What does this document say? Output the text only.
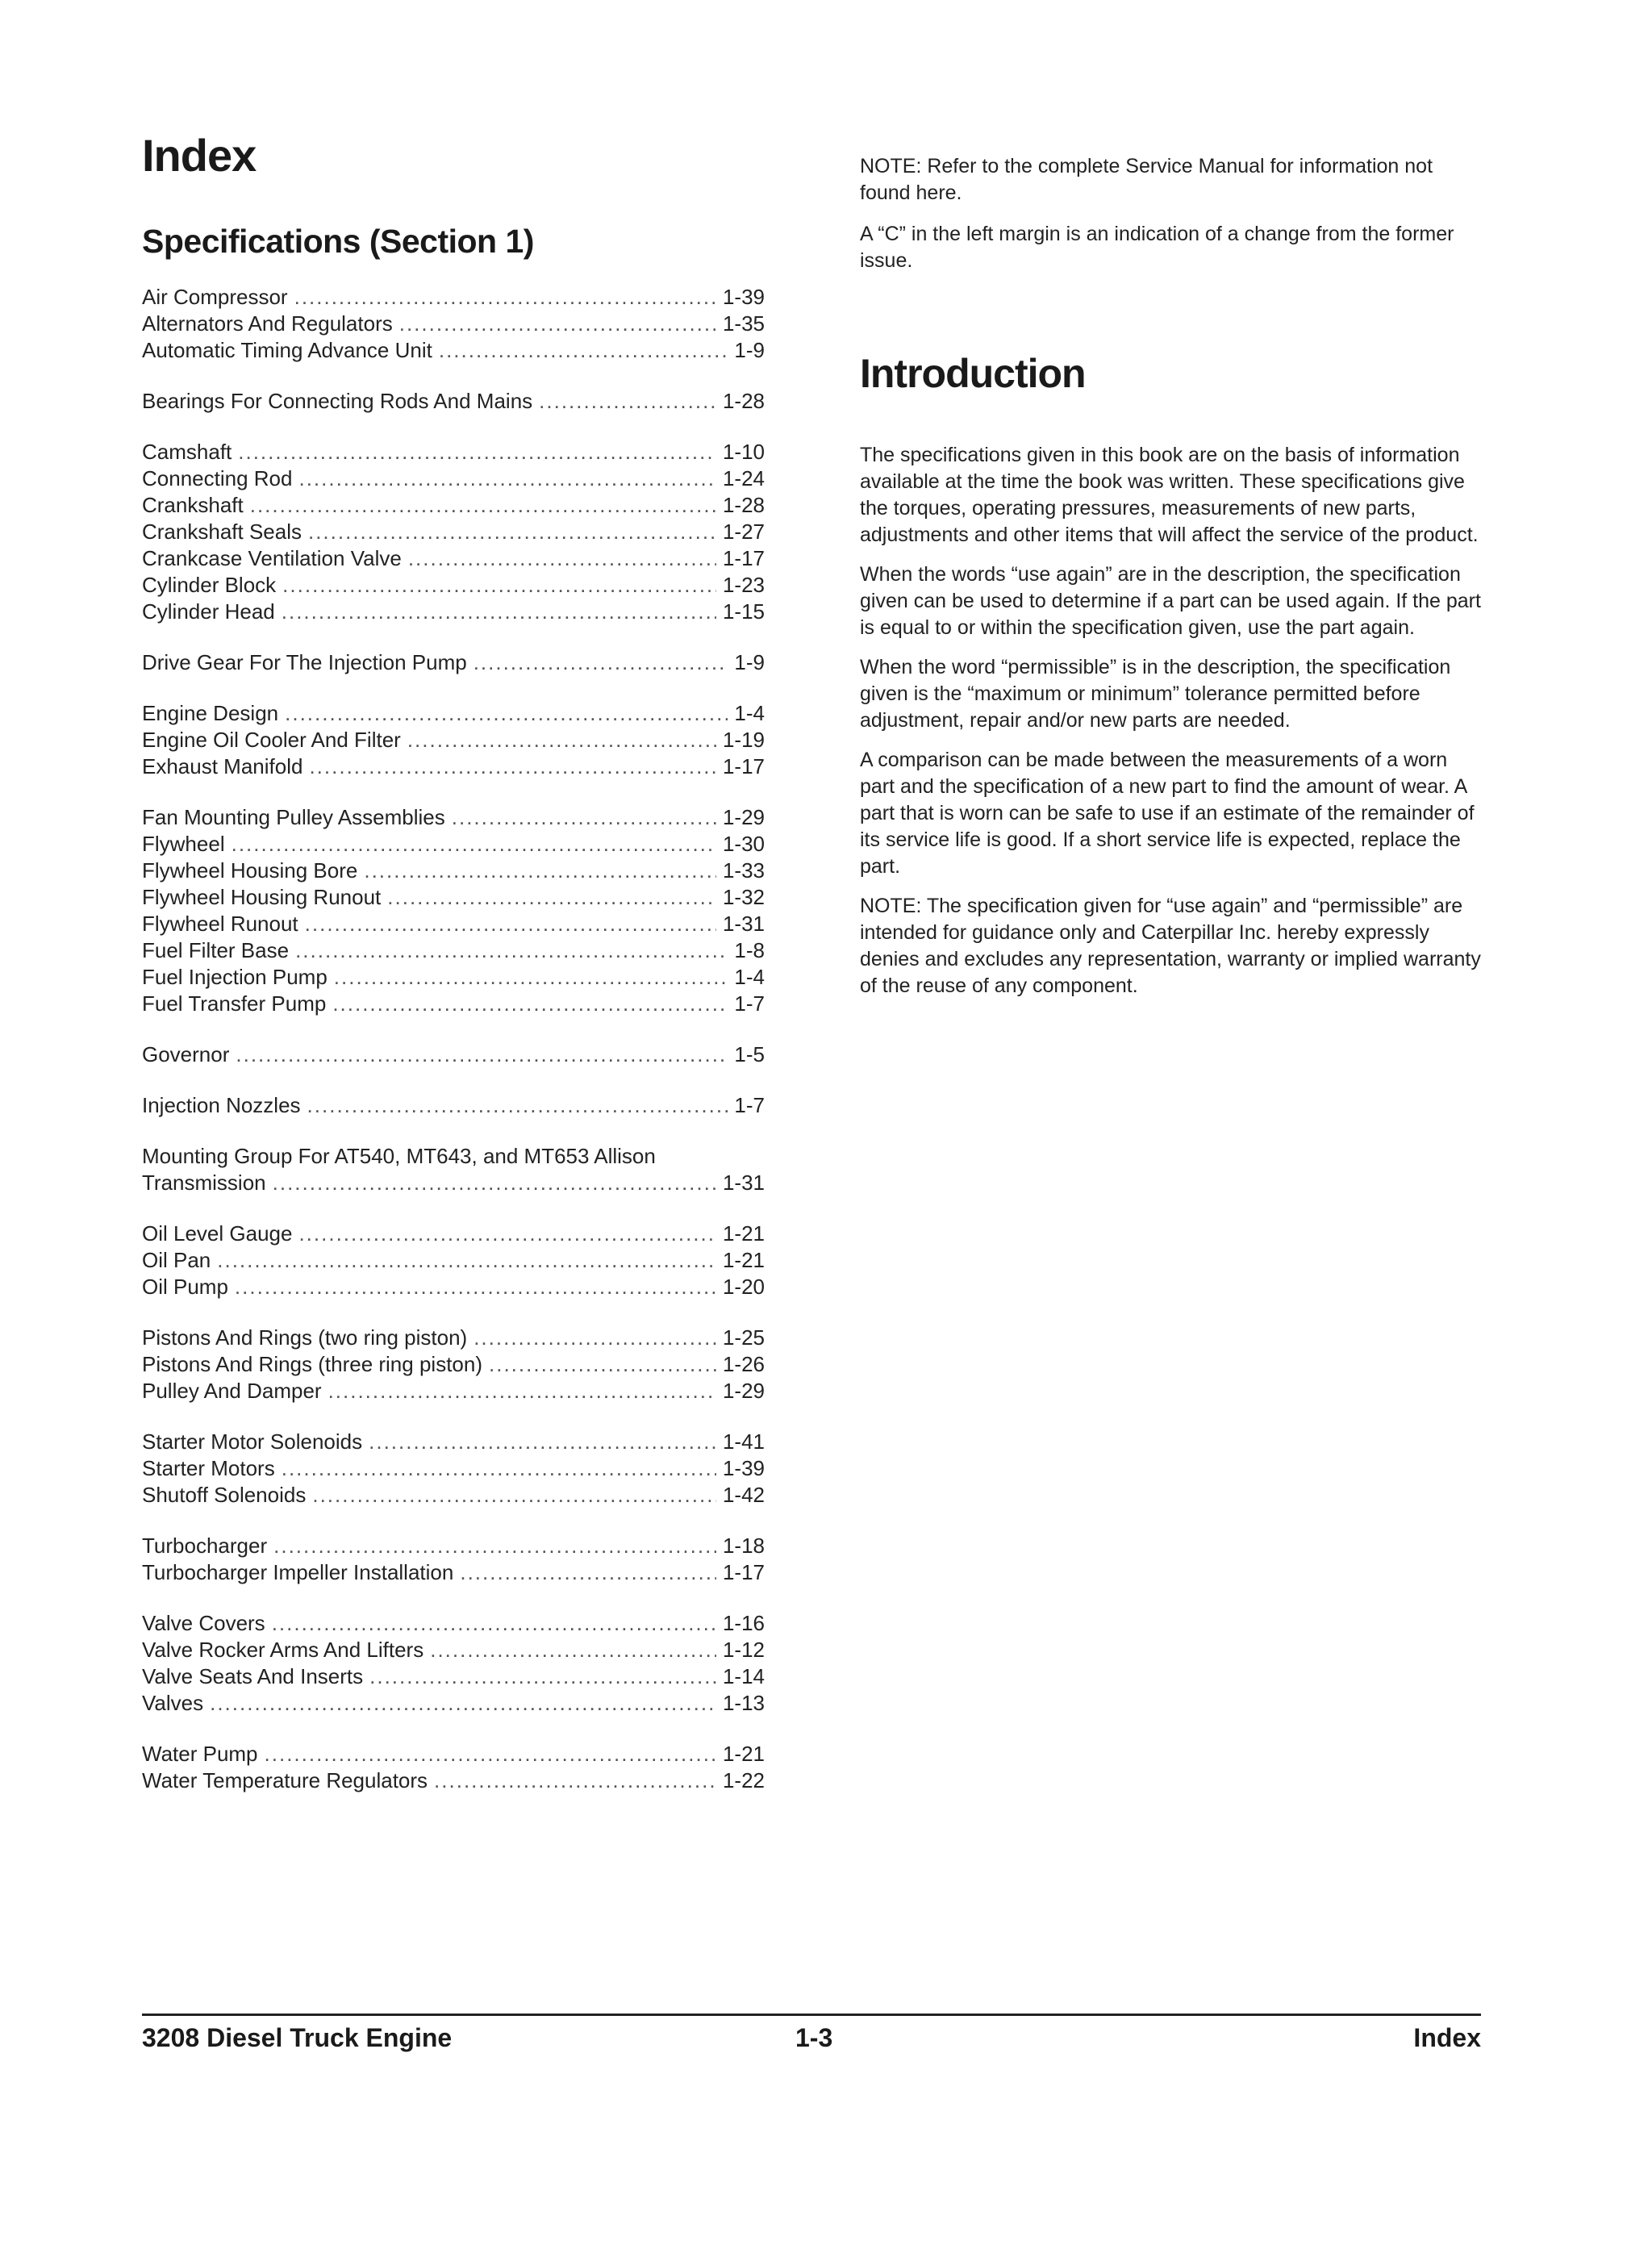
Index
Specifications (Section 1)
Air Compressor .....	1-39
Alternators And Regulators .....	1-35
Automatic Timing Advance Unit .....	1-9
Bearings For Connecting Rods And Mains .....	1-28
Camshaft .....	1-10
Connecting Rod .....	1-24
Crankshaft .....	1-28
Crankshaft Seals .....	1-27
Crankcase Ventilation Valve .....	1-17
Cylinder Block .....	1-23
Cylinder Head .....	1-15
Drive Gear For The Injection Pump .....	1-9
Engine Design .....	1-4
Engine Oil Cooler And Filter .....	1-19
Exhaust Manifold .....	1-17
Fan Mounting Pulley Assemblies .....	1-29
Flywheel .....	1-30
Flywheel Housing Bore .....	1-33
Flywheel Housing Runout .....	1-32
Flywheel Runout .....	1-31
Fuel Filter Base .....	1-8
Fuel Injection Pump .....	1-4
Fuel Transfer Pump .....	1-7
Governor .....	1-5
Injection Nozzles .....	1-7
Mounting Group For AT540, MT643, and MT653 Allison
Transmission .....	1-31
Oil Level Gauge .....	1-21
Oil Pan .....	1-21
Oil Pump .....	1-20
Pistons And Rings (two ring piston) .....	1-25
Pistons And Rings (three ring piston) .....	1-26
Pulley And Damper .....	1-29
Starter Motor Solenoids .....	1-41
Starter Motors .....	1-39
Shutoff Solenoids .....	1-42
Turbocharger .....	1-18
Turbocharger Impeller Installation .....	1-17
Valve Covers .....	1-16
Valve Rocker Arms And Lifters .....	1-12
Valve Seats And Inserts .....	1-14
Valves .....	1-13
Water Pump .....	1-21
Water Temperature Regulators .....	1-22

NOTE: Refer to the complete Service Manual for information not found here.

A “C” in the left margin is an indication of a change from the former issue.

Introduction

The specifications given in this book are on the basis of information available at the time the book was written. These specifications give the torques, operating pressures, measurements of new parts, adjustments and other items that will affect the service of the product.

When the words “use again” are in the description, the specification given can be used to determine if a part can be used again. If the part is equal to or within the specification given, use the part again.

When the word “permissible” is in the description, the specification given is the “maximum or minimum” tolerance permitted before adjustment, repair and/or new parts are needed.

A comparison can be made between the measurements of a worn part and the specification of a new part to find the amount of wear. A part that is worn can be safe to use if an estimate of the remainder of its service life is good. If a short service life is expected, replace the part.

NOTE: The specification given for “use again” and “permissible” are intended for guidance only and Caterpillar Inc. hereby expressly denies and excludes any representation, warranty or implied warranty of the reuse of any component.

3208 Diesel Truck Engine	1-3	Index
